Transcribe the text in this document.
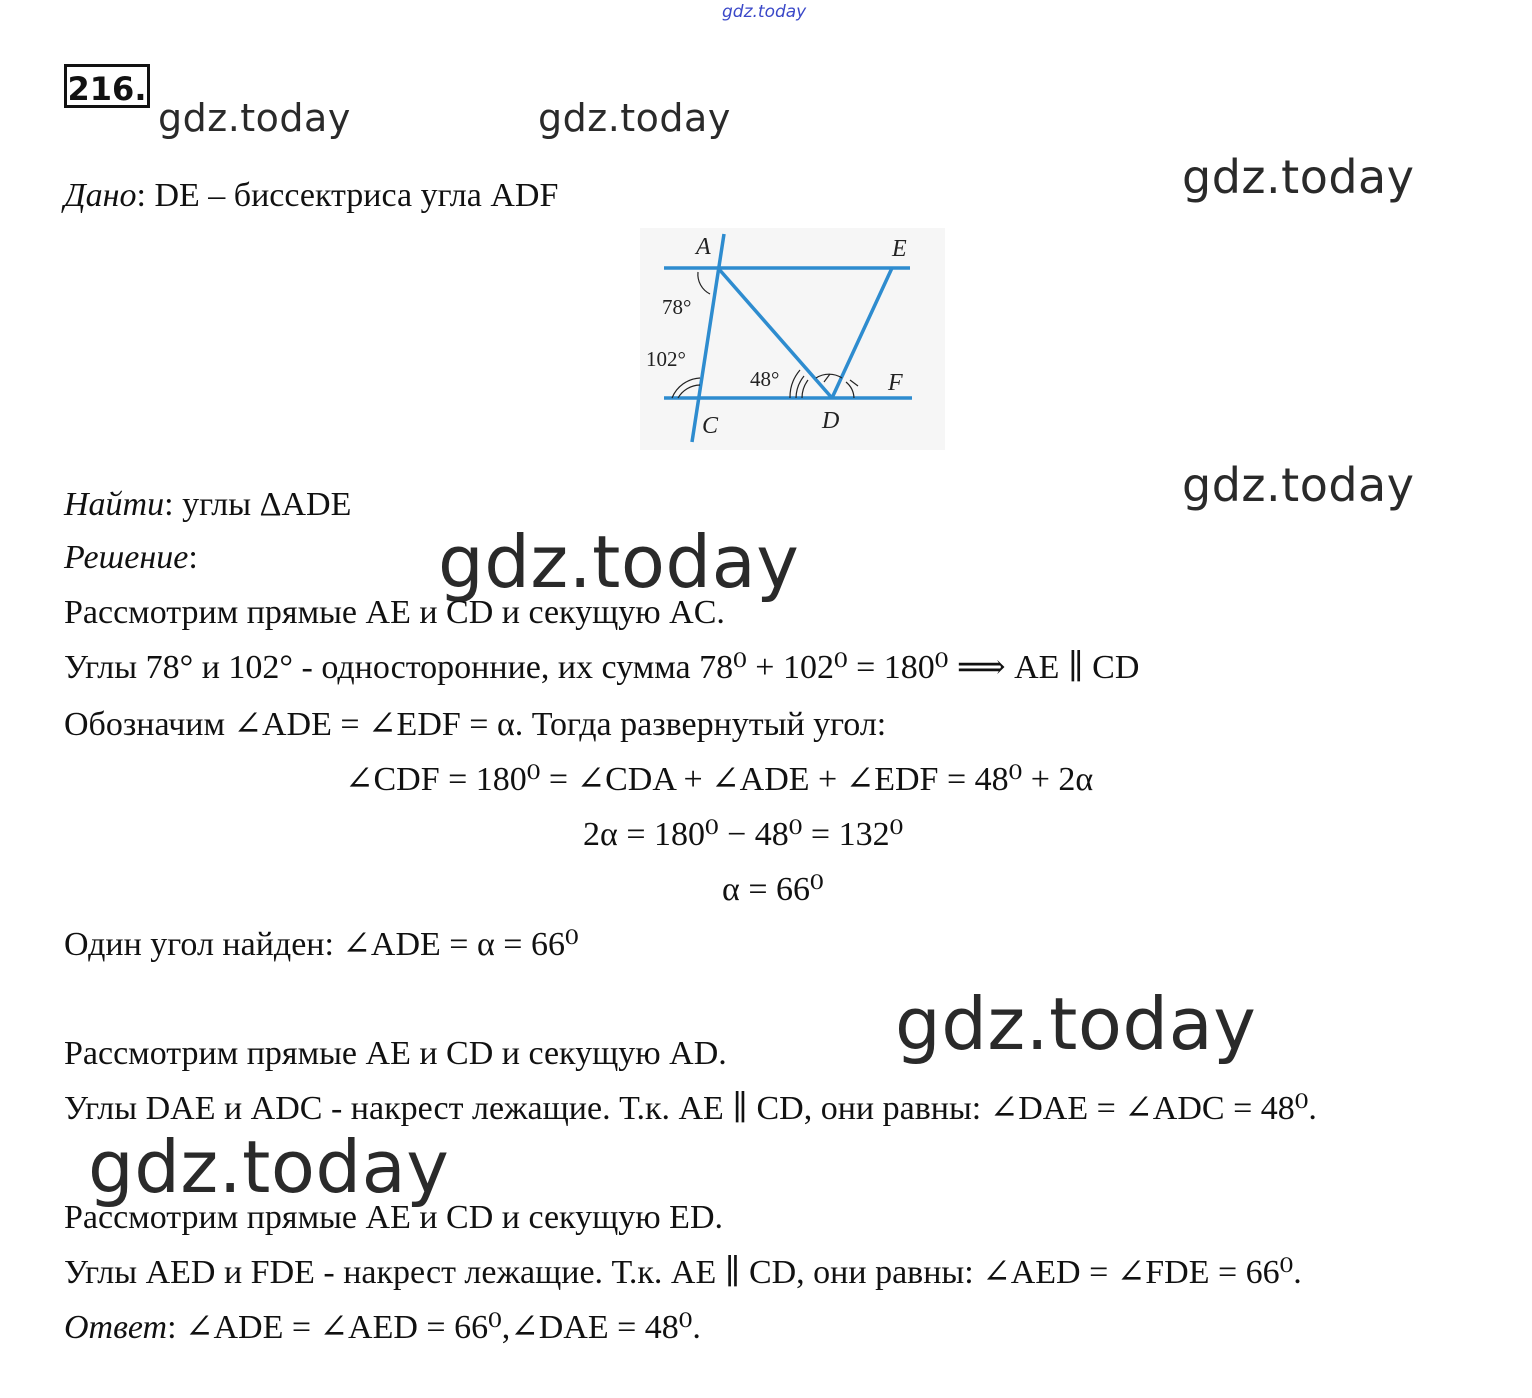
gdz.today
gdz.today	gdz.today
gdz.today
gdz.today
gdz.today
gdz.today
gdz.today
216.
Дано: DE – биссектриса угла ADF
A	E
C	D
F
78°
102°
48°
Найти: углы ΔADE
Решение:
Рассмотрим прямые AE и CD и секущую AC.
Углы 78° и 102° - односторонние, их сумма 78⁰ + 102⁰ = 180⁰ ⟹ AE ∥ CD
Обозначим ∠ADE = ∠EDF = α. Тогда развернутый угол:
∠CDF = 180⁰ = ∠CDA + ∠ADE + ∠EDF = 48⁰ + 2α
2α = 180⁰ − 48⁰ = 132⁰
α = 66⁰
Один угол найден: ∠ADE = α = 66⁰
Рассмотрим прямые AE и CD и секущую AD.
Углы DAE и ADC - накрест лежащие. Т.к. AE ∥ CD, они равны: ∠DAE = ∠ADC = 48⁰.
Рассмотрим прямые AE и CD и секущую ED.
Углы AED и FDE - накрест лежащие. Т.к. AE ∥ CD, они равны: ∠AED = ∠FDE = 66⁰.
Ответ: ∠ADE = ∠AED = 66⁰,∠DAE = 48⁰.
